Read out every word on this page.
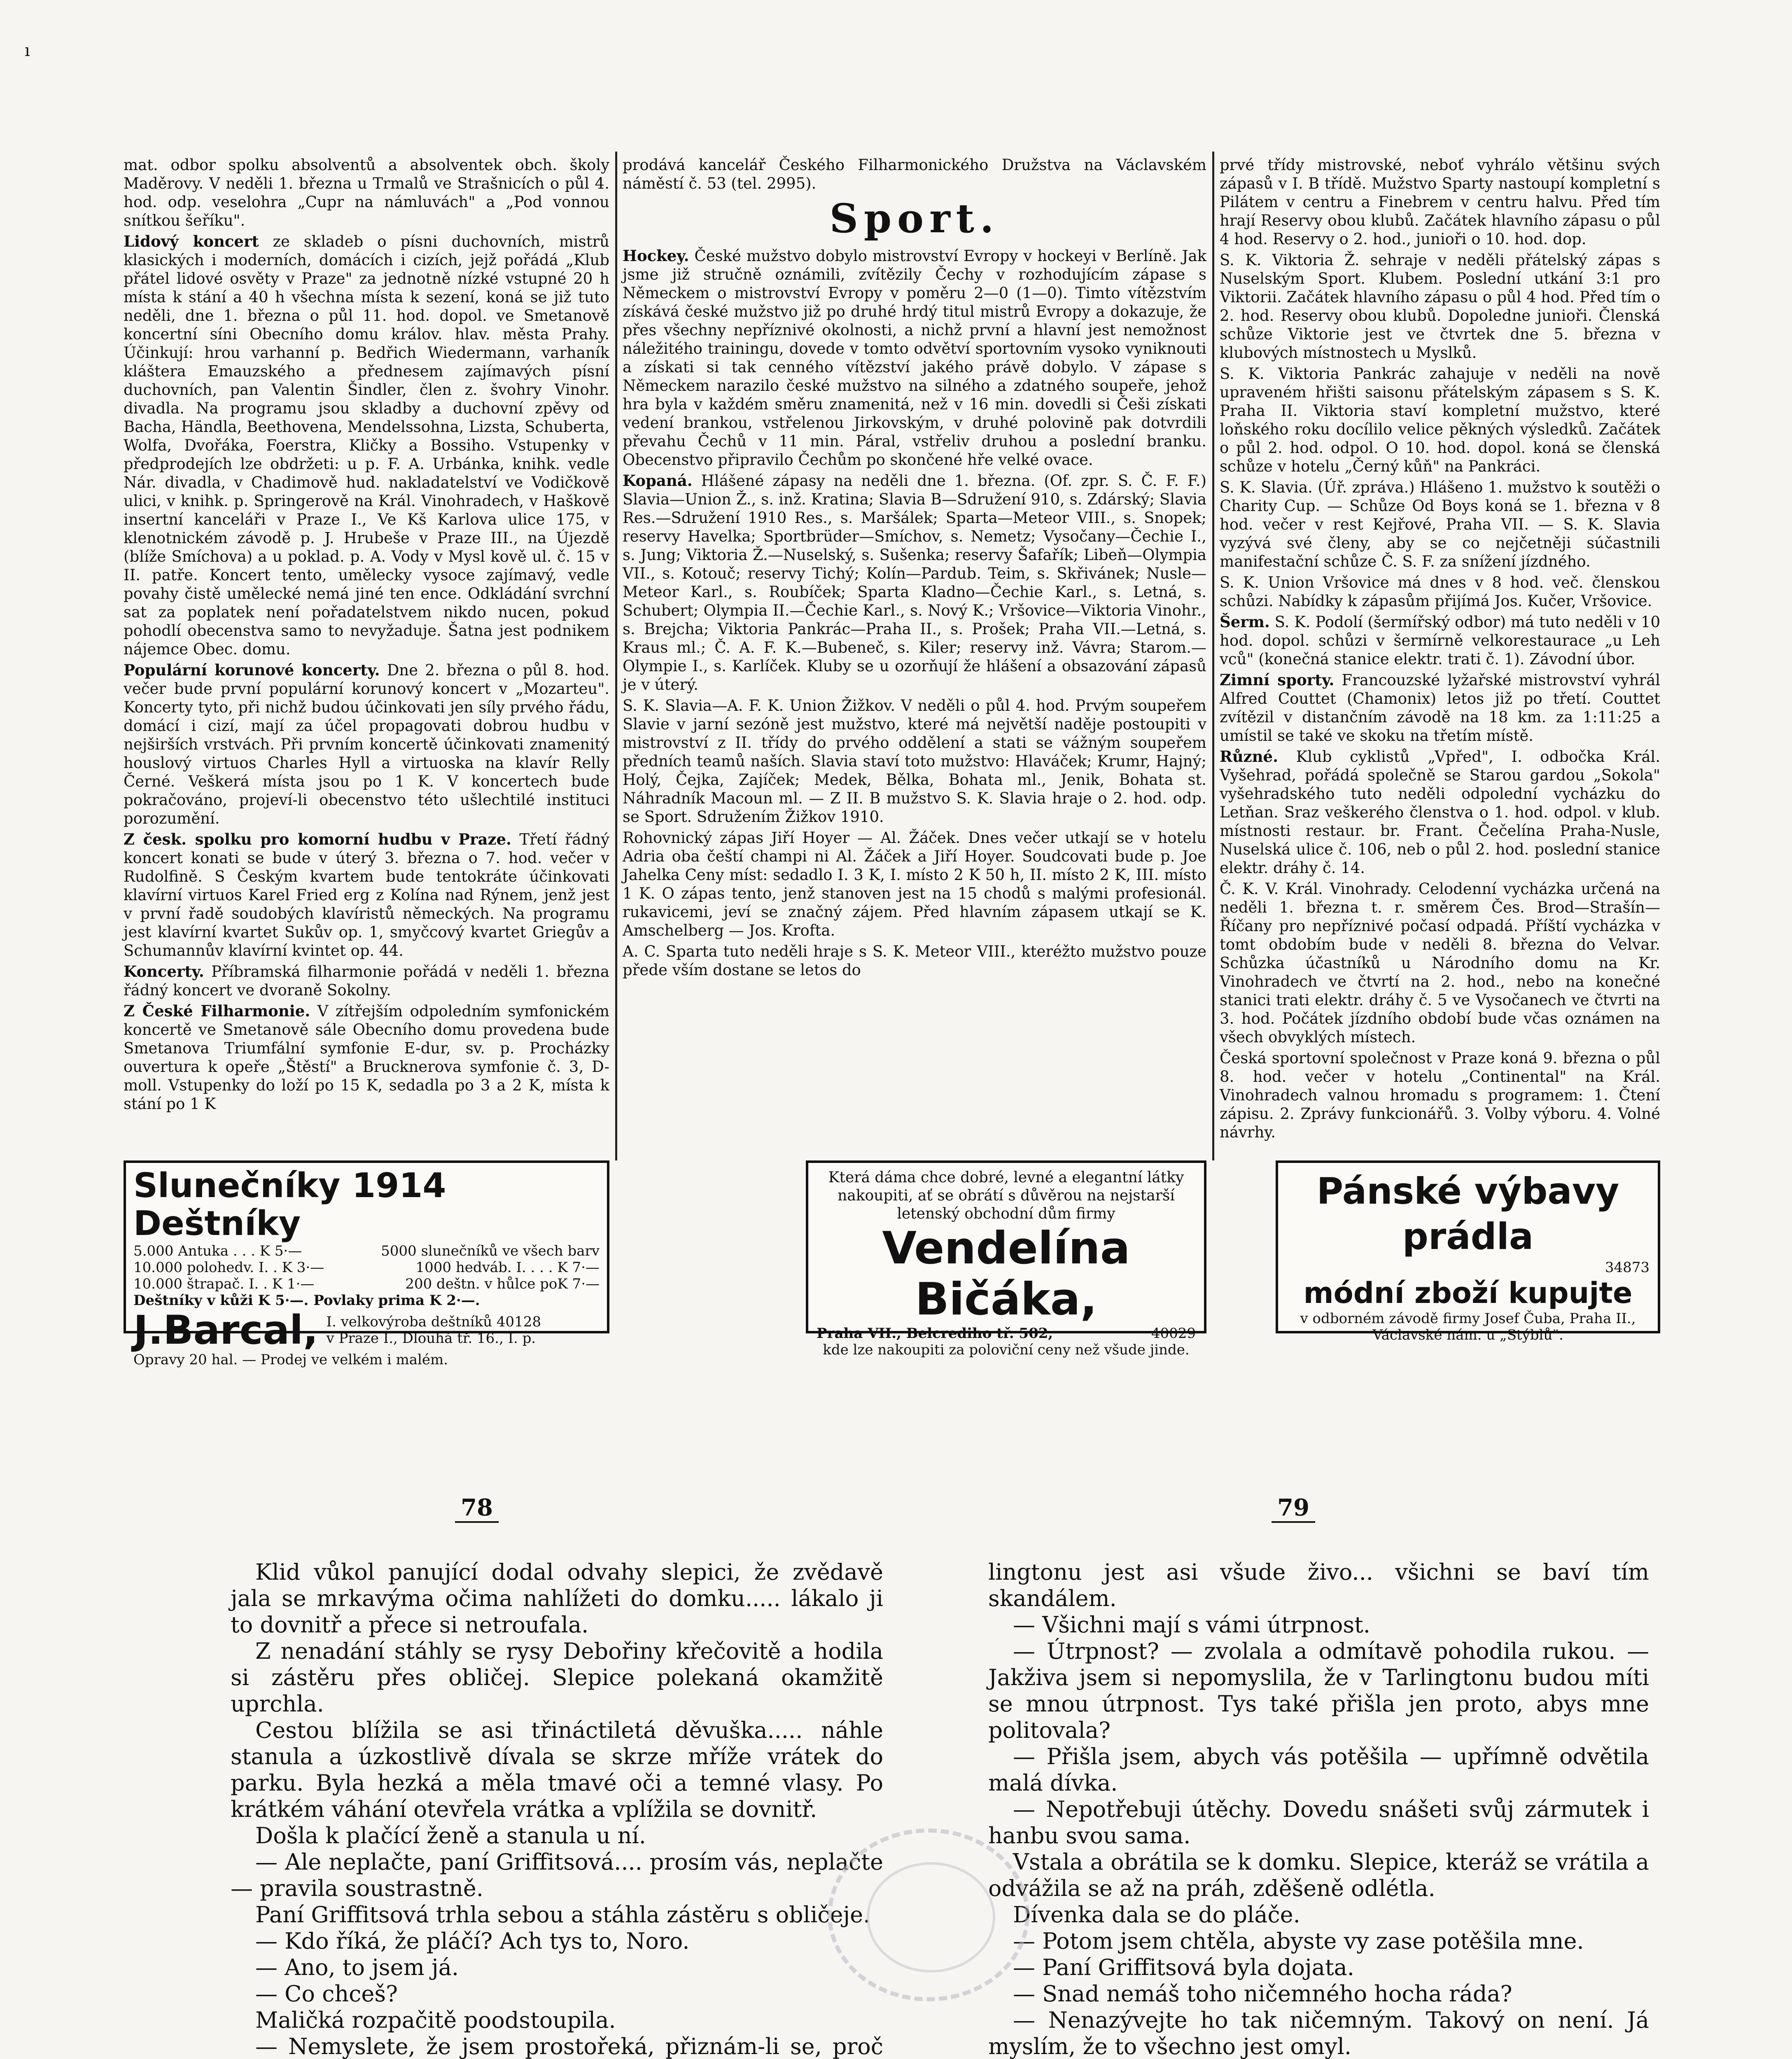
ı

mat. odbor spolku absolventů a absolventek obch. školy Maděrovy. V neděli 1. března u Trmalů ve Strašnicích o půl 4. hod. odp. veselohra „Cupr na námluvách" a „Pod vonnou snítkou šeříku".

Lidový koncert ze skladeb o písni duchovních, mistrů klasických i moderních, domácích i cizích, jejž pořádá „Klub přátel lidové osvěty v Praze" za jednotně nízké vstupné 20 h místa k stání a 40 h všechna místa k sezení, koná se již tuto neděli, dne 1. března o půl 11. hod. dopol. ve Smetanově koncertní síni Obecního domu králov. hlav. města Prahy. Účinkují: hrou varhanní p. Bedřich Wiedermann, varhaník kláštera Emauzského a přednesem zajímavých písní duchovních, pan Valentin Šindler, člen z. švohry Vinohr. divadla. Na programu jsou skladby a duchovní zpěvy od Bacha, Händla, Beethovena, Mendelssohna, Lizsta, Schuberta, Wolfa, Dvořáka, Foerstra, Kličky a Bossiho. Vstupenky v předprodejích lze obdržeti: u p. F. A. Urbánka, knihk. vedle Nár. divadla, v Chadimově hud. nakladatelství ve Vodičkově ulici, v knihk. p. Springerově na Král. Vinohradech, v Haškově insertní kanceláři v Praze I., Ve Kš Karlova ulice 175, v klenotnickém závodě p. J. Hrubeše v Praze III., na Újezdě (blíže Smíchova) a u poklad. p. A. Vody v Mysl kově ul. č. 15 v II. patře. Koncert tento, umělecky vysoce zajímavý, vedle povahy čistě umělecké nemá jiné ten ence. Odkládání svrchní sat za poplatek není pořadatelstvem nikdo nucen, pokud pohodlí obecenstva samo to nevyžaduje. Šatna jest podnikem nájemce Obec. domu.

Populární korunové koncerty. Dne 2. března o půl 8. hod. večer bude první populární korunový koncert v „Mozarteu". Koncerty tyto, při nichž budou účinkovati jen síly prvého řádu, domácí i cizí, mají za účel propagovati dobrou hudbu v nejširších vrstvách. Při prvním koncertě účinkovati znamenitý houslový virtuos Charles Hyll a virtuoska na klavír Relly Černé. Veškerá místa jsou po 1 K. V koncertech bude pokračováno, projeví-li obecenstvo této ušlechtilé instituci porozumění.

Z česk. spolku pro komorní hudbu v Praze. Třetí řádný koncert konati se bude v úterý 3. března o 7. hod. večer v Rudolfině. S Českým kvartem bude tentokráte účinkovati klavírní virtuos Karel Fried erg z Kolína nad Rýnem, jenž jest v první řadě soudobých klavíristů německých. Na programu jest klavírní kvartet Sukův op. 1, smyčcový kvartet Griegův a Schumannův klavírní kvintet op. 44.

Koncerty. Příbramská filharmonie pořádá v neděli 1. března řádný koncert ve dvoraně Sokolny.

Z České Filharmonie. V zítřejším odpoledním symfonickém koncertě ve Smetanově sále Obecního domu provedena bude Smetanova Triumfální symfonie E-dur, sv. p. Procházky ouvertura k opeře „Štěstí" a Brucknerova symfonie č. 3, D-moll. Vstupenky do loží po 15 K, sedadla po 3 a 2 K, místa k stání po 1 K

prodává kancelář Českého Filharmonického Družstva na Václavském náměstí č. 53 (tel. 2995).

Sport.

Hockey. České mužstvo dobylo mistrovství Evropy v hockeyi v Berlíně. Jak jsme již stručně oznámili, zvítězily Čechy v rozhodujícím zápase s Německem o mistrovství Evropy v poměru 2—0 (1—0). Timto vítězstvím získává české mužstvo již po druhé hrdý titul mistrů Evropy a dokazuje, že přes všechny nepříznivé okolnosti, a nichž první a hlavní jest nemožnost náležitého trainingu, dovede v tomto odvětví sportovním vysoko vyniknouti a získati si tak cenného vítězství jakého právě dobylo. V zápase s Německem narazilo české mužstvo na silného a zdatného soupeře, jehož hra byla v každém směru znamenitá, než v 16 min. dovedli si Češi získati vedení brankou, vstřelenou Jirkovským, v druhé polovině pak dotvrdili převahu Čechů v 11 min. Páral, vstřeliv druhou a poslední branku. Obecenstvo připravilo Čechům po skončené hře velké ovace.

Kopaná. Hlášené zápasy na neděli dne 1. března. (Of. zpr. S. Č. F. F.) Slavia—Union Ž., s. inž. Kratina; Slavia B—Sdružení 910, s. Zdárský; Slavia Res.—Sdružení 1910 Res., s. Maršálek; Sparta—Meteor VIII., s. Snopek; reservy Havelka; Sportbrüder—Smíchov, s. Nemetz; Vysočany—Čechie I., s. Jung; Viktoria Ž.—Nuselský, s. Sušenka; reservy Šafařík; Libeň—Olympia VII., s. Kotouč; reservy Tichý; Kolín—Pardub. Teim, s. Skřivánek; Nusle—Meteor Karl., s. Roubíček; Sparta Kladno—Čechie Karl., s. Letná, s. Schubert; Olympia II.—Čechie Karl., s. Nový K.; Vršovice—Viktoria Vinohr., s. Brejcha; Viktoria Pankrác—Praha II., s. Prošek; Praha VII.—Letná, s. Kraus ml.; Č. A. F. K.—Bubeneč, s. Kiler; reservy inž. Vávra; Starom.—Olympie I., s. Karlíček. Kluby se u ozorňují že hlášení a obsazování zápasů je v úterý.

S. K. Slavia—A. F. K. Union Žižkov. V neděli o půl 4. hod. Prvým soupeřem Slavie v jarní sezóně jest mužstvo, které má největší naděje postoupiti v mistrovství z II. třídy do prvého oddělení a stati se vážným soupeřem předních teamů naších. Slavia staví toto mužstvo: Hlaváček; Krumr, Hajný; Holý, Čejka, Zajíček; Medek, Bělka, Bohata ml., Jenik, Bohata st. Náhradník Macoun ml. — Z II. B mužstvo S. K. Slavia hraje o 2. hod. odp. se Sport. Sdružením Žižkov 1910.

Rohovnický zápas Jiří Hoyer — Al. Žáček. Dnes večer utkají se v hotelu Adria oba čeští champi ni Al. Žáček a Jiří Hoyer. Soudcovati bude p. Joe Jahelka Ceny míst: sedadlo I. 3 K, I. místo 2 K 50 h, II. místo 2 K, III. místo 1 K. O zápas tento, jenž stanoven jest na 15 chodů s malými profesionál. rukavicemi, jeví se značný zájem. Před hlavním zápasem utkají se K. Amschelberg — Jos. Krofta.

A. C. Sparta tuto neděli hraje s S. K. Meteor VIII., kteréžto mužstvo pouze přede vším dostane se letos do

prvé třídy mistrovské, neboť vyhrálo většinu svých zápasů v I. B třídě. Mužstvo Sparty nastoupí kompletní s Pilátem v centru a Finebrem v centru halvu. Před tím hrají Reservy obou klubů. Začátek hlavního zápasu o půl 4 hod. Reservy o 2. hod., junioři o 10. hod. dop.

S. K. Viktoria Ž. sehraje v neděli přátelský zápas s Nuselským Sport. Klubem. Poslední utkání 3:1 pro Viktorii. Začátek hlavního zápasu o půl 4 hod. Před tím o 2. hod. Reservy obou klubů. Dopoledne junioři. Členská schůze Viktorie jest ve čtvrtek dne 5. března v klubových místnostech u Myslků.

S. K. Viktoria Pankrác zahajuje v neděli na nově upraveném hřišti saisonu přátelským zápasem s S. K. Praha II. Viktoria staví kompletní mužstvo, které loňského roku docílilo velice pěkných výsledků. Začátek o půl 2. hod. odpol. O 10. hod. dopol. koná se členská schůze v hotelu „Černý kůň" na Pankráci.

S. K. Slavia. (Úř. zpráva.) Hlášeno 1. mužstvo k soutěži o Charity Cup. — Schůze Od Boys koná se 1. března v 8 hod. večer v rest Kejřové, Praha VII. — S. K. Slavia vyzývá své členy, aby se co nejčetněji súčastnili manifestační schůze Č. S. F. za snížení jízdného.

S. K. Union Vršovice má dnes v 8 hod. več. členskou schůzi. Nabídky k zápasům přijímá Jos. Kučer, Vršovice.

Šerm. S. K. Podolí (šermířský odbor) má tuto neděli v 10 hod. dopol. schůzi v šermírně velkorestaurace „u Leh vců" (konečná stanice elektr. trati č. 1). Závodní úbor.

Zimní sporty. Francouzské lyžařské mistrovství vyhrál Alfred Couttet (Chamonix) letos již po třetí. Couttet zvítězil v distančním závodě na 18 km. za 1:11:25 a umístil se také ve skoku na třetím místě.

Různé. Klub cyklistů „Vpřed", I. odbočka Král. Vyšehrad, pořádá společně se Starou gardou „Sokola" vyšehradského tuto neděli odpolední vycházku do Letňan. Sraz veškerého členstva o 1. hod. odpol. v klub. místnosti restaur. br. Frant. Čečelína Praha-Nusle, Nuselská ulice č. 106, neb o půl 2. hod. poslední stanice elektr. dráhy č. 14.

Č. K. V. Král. Vinohrady. Celodenní vycházka určená na neděli 1. března t. r. směrem Čes. Brod—Strašín—Říčany pro nepříznivé počasí odpadá. Příští vycházka v tomt obdobím bude v neděli 8. března do Velvar. Schůzka účastníků u Národního domu na Kr. Vinohradech ve čtvrtí na 2. hod., nebo na konečné stanici trati elektr. dráhy č. 5 ve Vysočanech ve čtvrti na 3. hod. Počátek jízdního období bude včas oznámen na všech obvyklých místech.

Česká sportovní společnost v Praze koná 9. března o půl 8. hod. večer v hotelu „Continental" na Král. Vinohradech valnou hromadu s programem: 1. Čtení zápisu. 2. Zprávy funkcionářů. 3. Volby výboru. 4. Volné návrhy.

Slunečníky 1914 Deštníky
5.000 Antuka . . . K 5·—	5000 slunečníků ve všech barv
10.000 polohedv. I. . K 3·—	1000 hedváb. I. . . . K 7·—
10.000 štrapač. I. . K 1·—	200 deštn. v hůlce poK 7·—
Deštníky v kůži K 5·—. Povlaky prima K 2·—.
J.Barcal, I. velkovýroba deštníků 40128
v Praze I., Dlouhá tř. 16., I. p.
Opravy 20 hal. — Prodej ve velkém i malém.
Která dáma chce dobré, levné a elegantní látky nakoupiti, ať se obrátí s důvěrou na nejstarší letenský obchodní dům firmy
Vendelína Bičáka,
Praha VII., Belcrediho tř. 502,	40029
kde lze nakoupiti za poloviční ceny než všude jinde.
Pánské výbavy prádla
34873
módní zboží kupujte
v odborném závodě firmy Josef Čuba, Praha II.,
Václavské nám. u „Stýblů".
78	79

Klid vůkol panující dodal odvahy slepici, že zvědavě jala se mrkavýma očima nahlížeti do domku..... lákalo ji to dovnitř a přece si netroufala.

Z nenadání stáhly se rysy Debořiny křečovitě a hodila si zástěru přes obličej. Slepice polekaná okamžitě uprchla.

Cestou blížila se asi třináctiletá děvuška..... náhle stanula a úzkostlivě dívala se skrze mříže vrátek do parku. Byla hezká a měla tmavé oči a temné vlasy. Po krátkém váhání otevřela vrátka a vplížila se dovnitř.

Došla k plačící ženě a stanula u ní.

— Ale neplačte, paní Griffitsová.... prosím vás, neplačte — pravila soustrastně.

Paní Griffitsová trhla sebou a stáhla zástěru s obličeje.

— Kdo říká, že pláčí? Ach tys to, Noro.

— Ano, to jsem já.

— Co chceš?

Maličká rozpačitě poodstoupila.

— Nemyslete, že jsem prostořeká, přiznám-li se, proč

lingtonu jest asi všude živo... všichni se baví tím skandálem.

— Všichni mají s vámi útrpnost.

— Útrpnost? — zvolala a odmítavě pohodila rukou. — Jakživa jsem si nepomyslila, že v Tarlingtonu budou míti se mnou útrpnost. Tys také přišla jen proto, abys mne politovala?

— Přišla jsem, abych vás potěšila — upřímně odvětila malá dívka.

— Nepotřebuji útěchy. Dovedu snášeti svůj zármutek i hanbu svou sama.

Vstala a obrátila se k domku. Slepice, kteráž se vrátila a odvážila se až na práh, zděšeně odlétla.

Dívenka dala se do pláče.

— Potom jsem chtěla, abyste vy zase potěšila mne.

— Paní Griffitsová byla dojata.

— Snad nemáš toho ničemného hocha ráda?

— Nenazývejte ho tak ničemným. Takový on není. Já myslím, že to všechno jest omyl.
